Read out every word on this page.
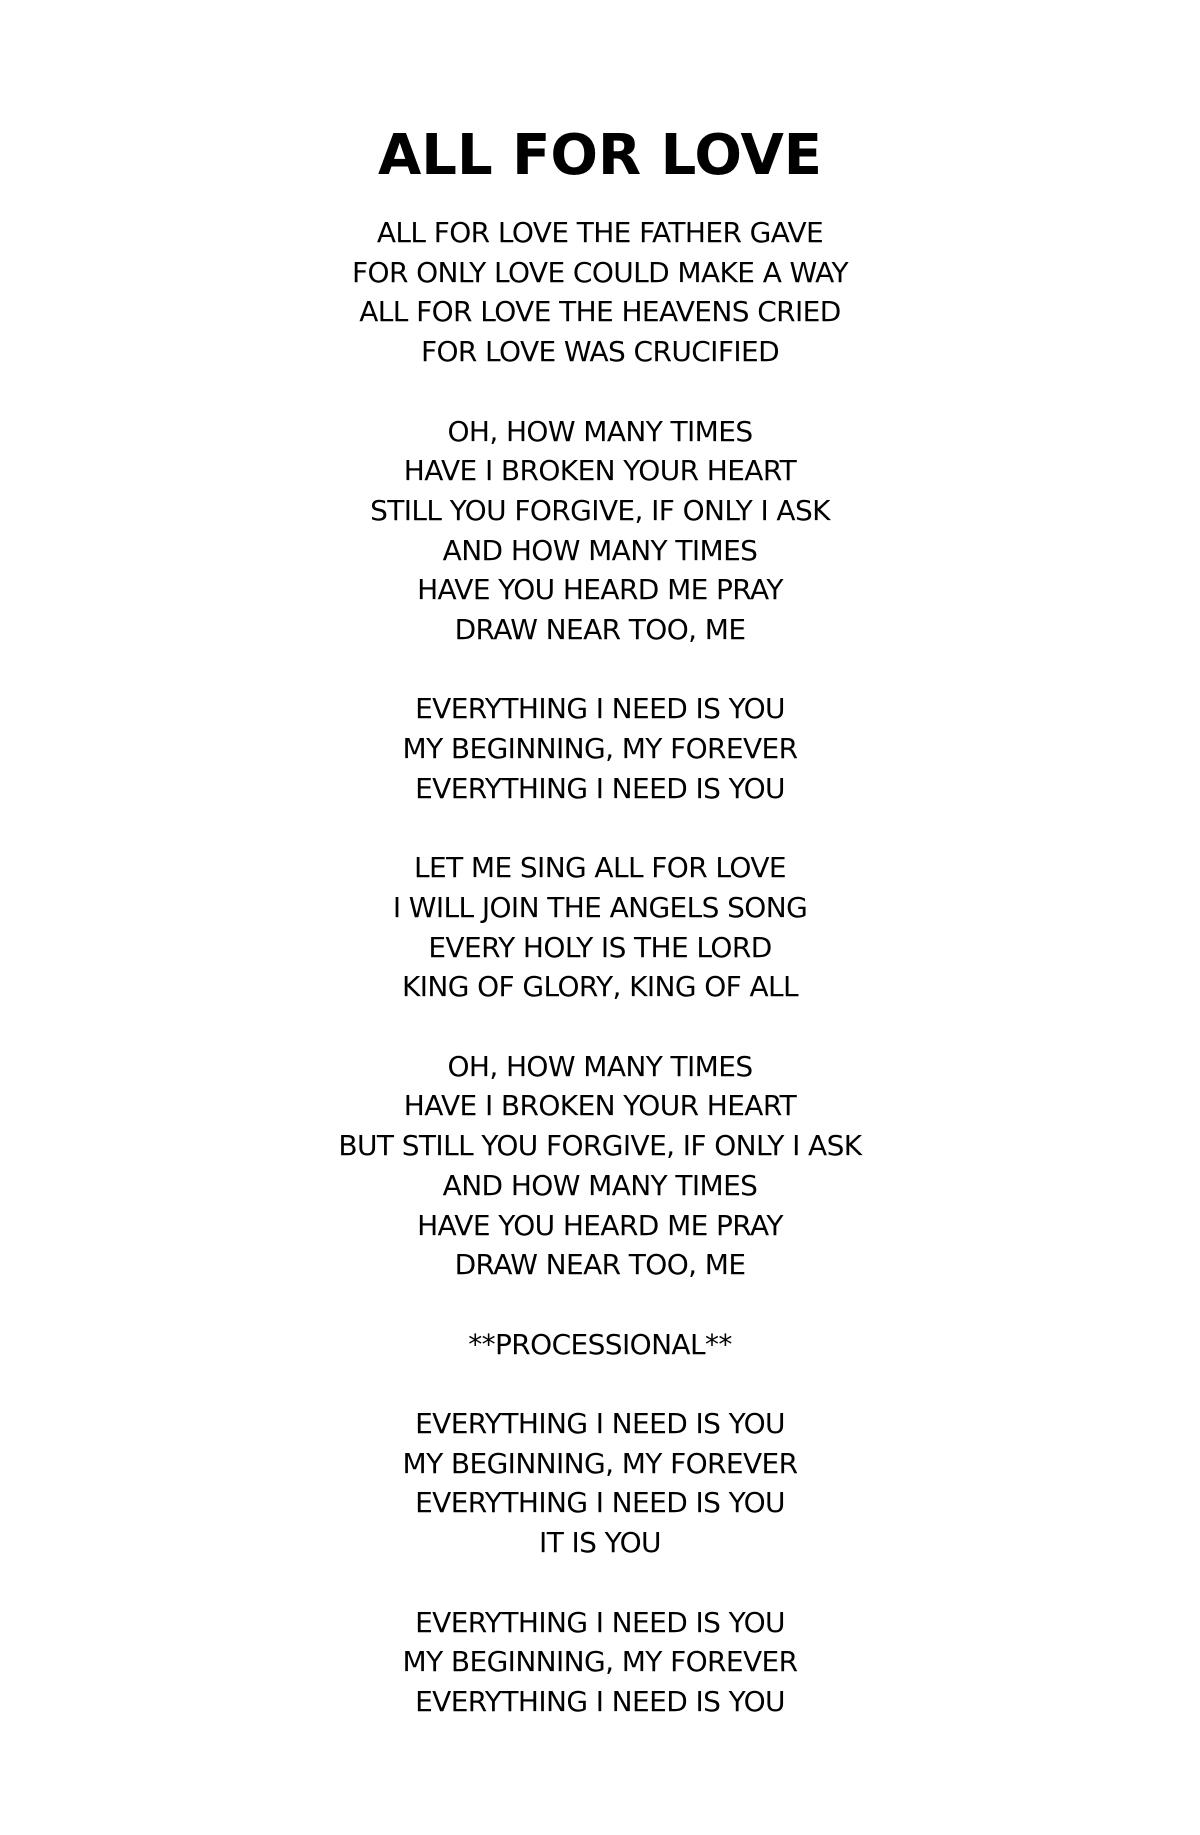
ALL FOR LOVE
ALL FOR LOVE THE FATHER GAVE
FOR ONLY LOVE COULD MAKE A WAY
ALL FOR LOVE THE HEAVENS CRIED
FOR LOVE WAS CRUCIFIED
OH, HOW MANY TIMES
HAVE I BROKEN YOUR HEART
STILL YOU FORGIVE, IF ONLY I ASK
AND HOW MANY TIMES
HAVE YOU HEARD ME PRAY
DRAW NEAR TOO, ME
EVERYTHING I NEED IS YOU
MY BEGINNING, MY FOREVER
EVERYTHING I NEED IS YOU
LET ME SING ALL FOR LOVE
I WILL JOIN THE ANGELS SONG
EVERY HOLY IS THE LORD
KING OF GLORY, KING OF ALL
OH, HOW MANY TIMES
HAVE I BROKEN YOUR HEART
BUT STILL YOU FORGIVE, IF ONLY I ASK
AND HOW MANY TIMES
HAVE YOU HEARD ME PRAY
DRAW NEAR TOO, ME
**PROCESSIONAL**
EVERYTHING I NEED IS YOU
MY BEGINNING, MY FOREVER
EVERYTHING I NEED IS YOU
IT IS YOU
EVERYTHING I NEED IS YOU
MY BEGINNING, MY FOREVER
EVERYTHING I NEED IS YOU
